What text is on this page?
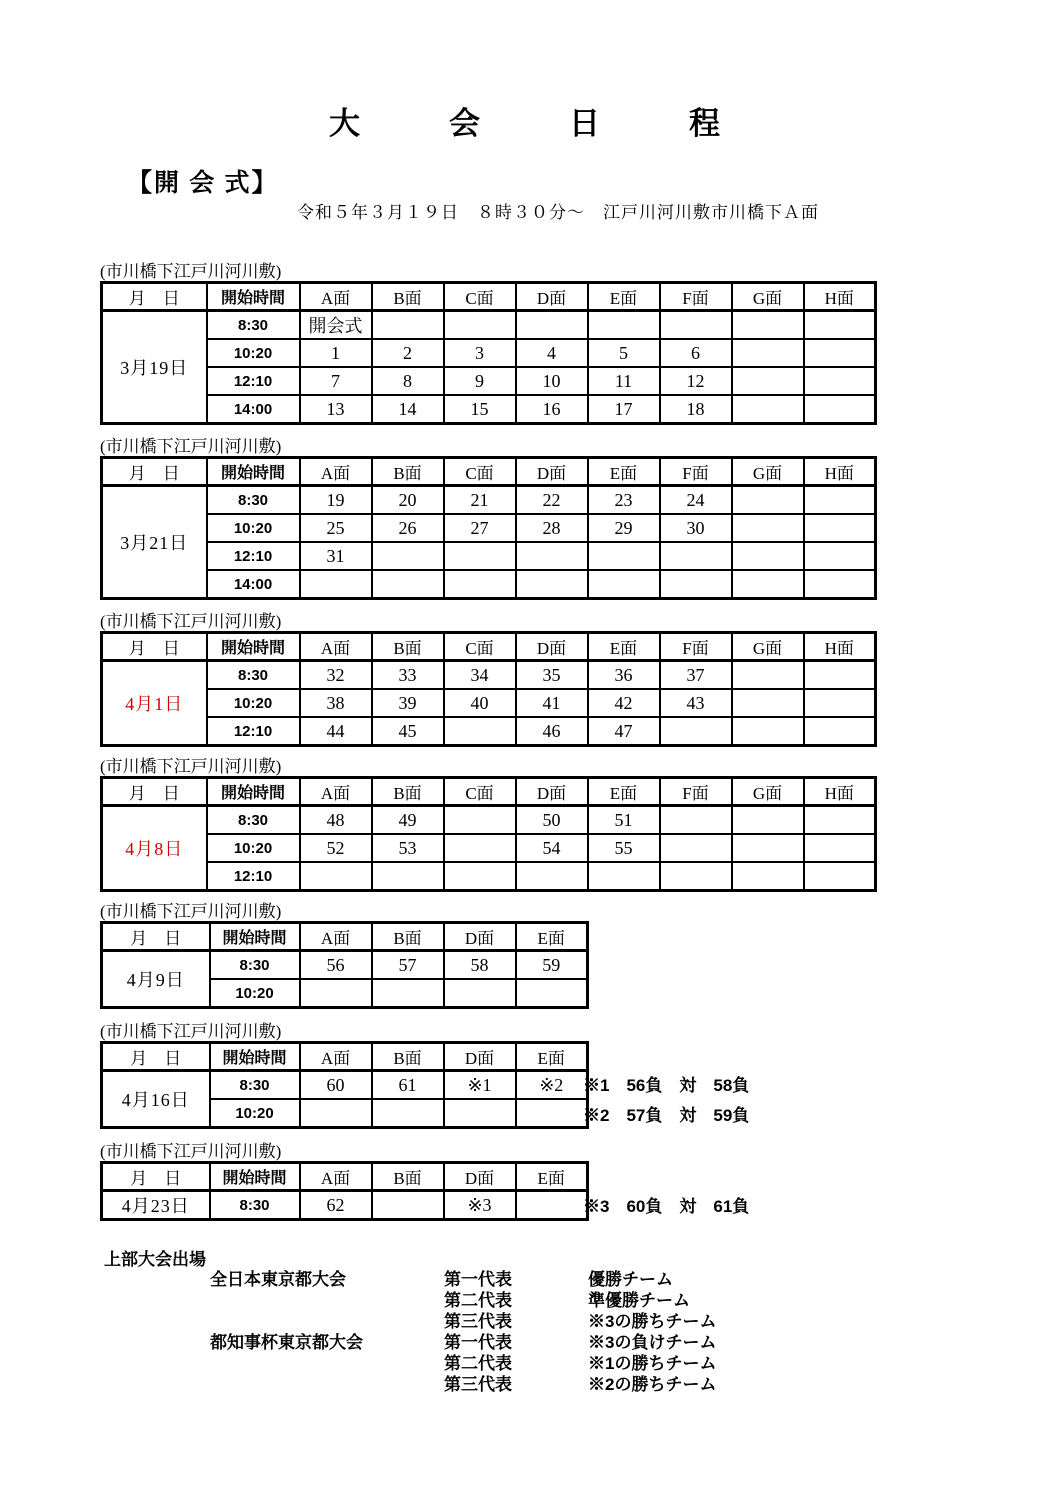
大　　会　　日　　程
【開 会 式】
令和５年３月１９日　８時３０分～　江戸川河川敷市川橋下Ａ面
(市川橋下江戸川河川敷)
月　日	開始時間	A面	B面	C面	D面	E面	F面	G面	H面
3月19日	8:30	開会式							
	10:20	1	2	3	4	5	6		
	12:10	7	8	9	10	11	12		
	14:00	13	14	15	16	17	18		
(市川橋下江戸川河川敷)
月　日	開始時間	A面	B面	C面	D面	E面	F面	G面	H面
3月21日	8:30	19	20	21	22	23	24		
	10:20	25	26	27	28	29	30		
	12:10	31							
	14:00								
(市川橋下江戸川河川敷)
月　日	開始時間	A面	B面	C面	D面	E面	F面	G面	H面
4月1日	8:30	32	33	34	35	36	37		
	10:20	38	39	40	41	42	43		
	12:10	44	45		46	47			
(市川橋下江戸川河川敷)
月　日	開始時間	A面	B面	C面	D面	E面	F面	G面	H面
4月8日	8:30	48	49		50	51			
	10:20	52	53		54	55			
	12:10								
(市川橋下江戸川河川敷)
月　日	開始時間	A面	B面	D面	E面
4月9日	8:30	56	57	58	59
	10:20				
(市川橋下江戸川河川敷)
月　日	開始時間	A面	B面	D面	E面
4月16日	8:30	60	61	※1	※2
	10:20				
(市川橋下江戸川河川敷)
月　日	開始時間	A面	B面	D面	E面
4月23日	8:30	62		※3	
※1　56負　対　58負
※2　57負　対　59負
※3　60負　対　61負
上部大会出場
全日本東京都大会	第一代表	優勝チーム
第二代表	準優勝チーム
第三代表	※3の勝ちチーム
都知事杯東京都大会	第一代表	※3の負けチーム
第二代表	※1の勝ちチーム
第三代表	※2の勝ちチーム
